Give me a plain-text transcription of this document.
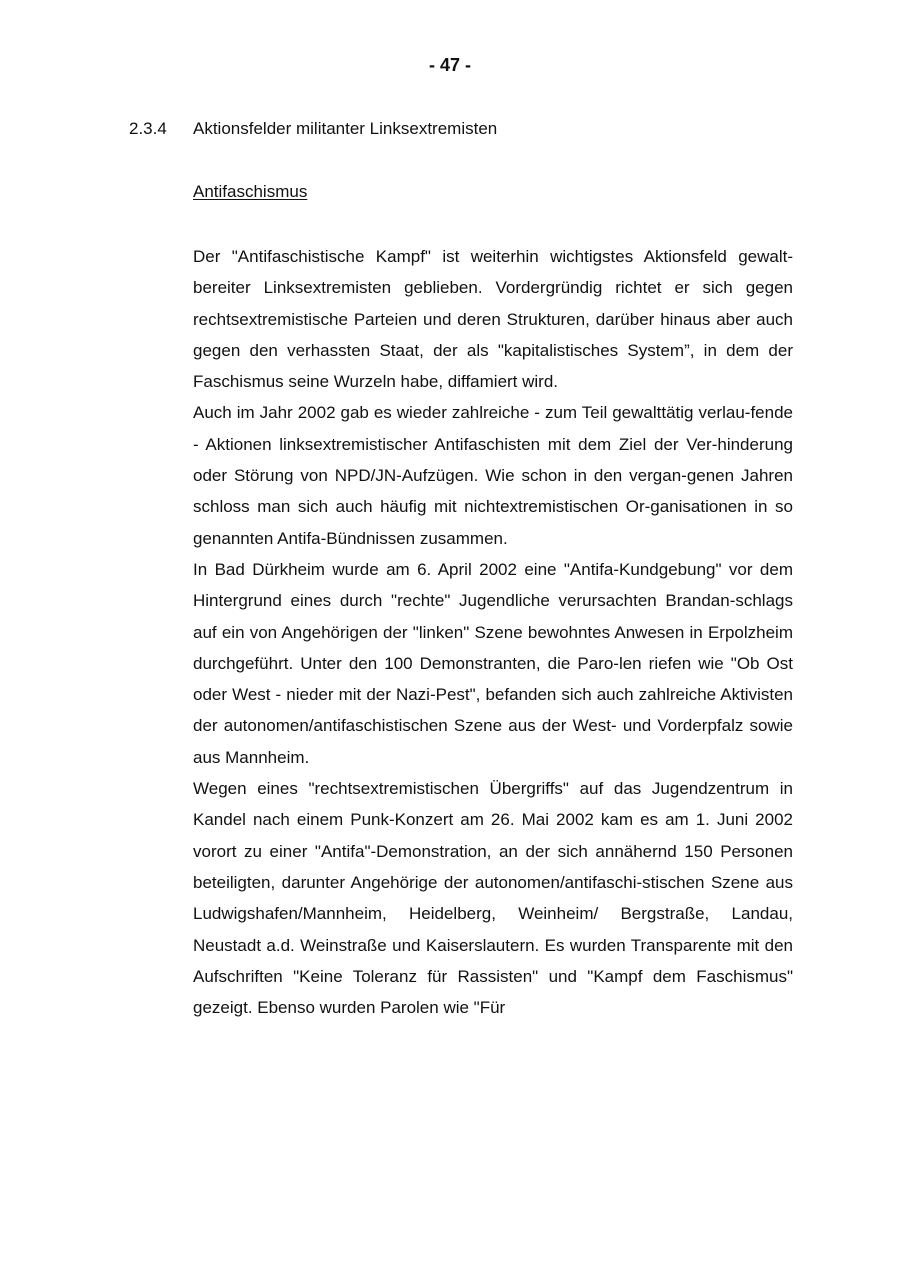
- 47 -
2.3.4 Aktionsfelder militanter Linksextremisten
Antifaschismus

Der "Antifaschistische Kampf" ist weiterhin wichtigstes Aktionsfeld gewalt-bereiter Linksextremisten geblieben. Vordergründig richtet er sich gegen rechtsextremistische Parteien und deren Strukturen, darüber hinaus aber auch gegen den verhassten Staat, der als "kapitalistisches System”, in dem der Faschismus seine Wurzeln habe, diffamiert wird.

Auch im Jahr 2002 gab es wieder zahlreiche - zum Teil gewalttätig verlau-fende - Aktionen linksextremistischer Antifaschisten mit dem Ziel der Ver-hinderung oder Störung von NPD/JN-Aufzügen. Wie schon in den vergan-genen Jahren schloss man sich auch häufig mit nichtextremistischen Or-ganisationen in so genannten Antifa-Bündnissen zusammen.

In Bad Dürkheim wurde am 6. April 2002 eine "Antifa-Kundgebung" vor dem Hintergrund eines durch "rechte" Jugendliche verursachten Brandan-schlags auf ein von Angehörigen der "linken" Szene bewohntes Anwesen in Erpolzheim durchgeführt. Unter den 100 Demonstranten, die Paro-len riefen wie "Ob Ost oder West - nieder mit der Nazi-Pest", befanden sich auch zahlreiche Aktivisten der autonomen/antifaschistischen Szene aus der West- und Vorderpfalz sowie aus Mannheim.

Wegen eines "rechtsextremistischen Übergriffs" auf das Jugendzentrum in Kandel nach einem Punk-Konzert am 26. Mai 2002 kam es am 1. Juni 2002 vorort zu einer "Antifa"-Demonstration, an der sich annähernd 150 Personen beteiligten, darunter Angehörige der autonomen/antifaschi-stischen Szene aus Ludwigshafen/Mannheim, Heidelberg, Weinheim/ Bergstraße, Landau, Neustadt a.d. Weinstraße und Kaiserslautern. Es wurden Transparente mit den Aufschriften "Keine Toleranz für Rassisten" und "Kampf dem Faschismus" gezeigt. Ebenso wurden Parolen wie "Für
